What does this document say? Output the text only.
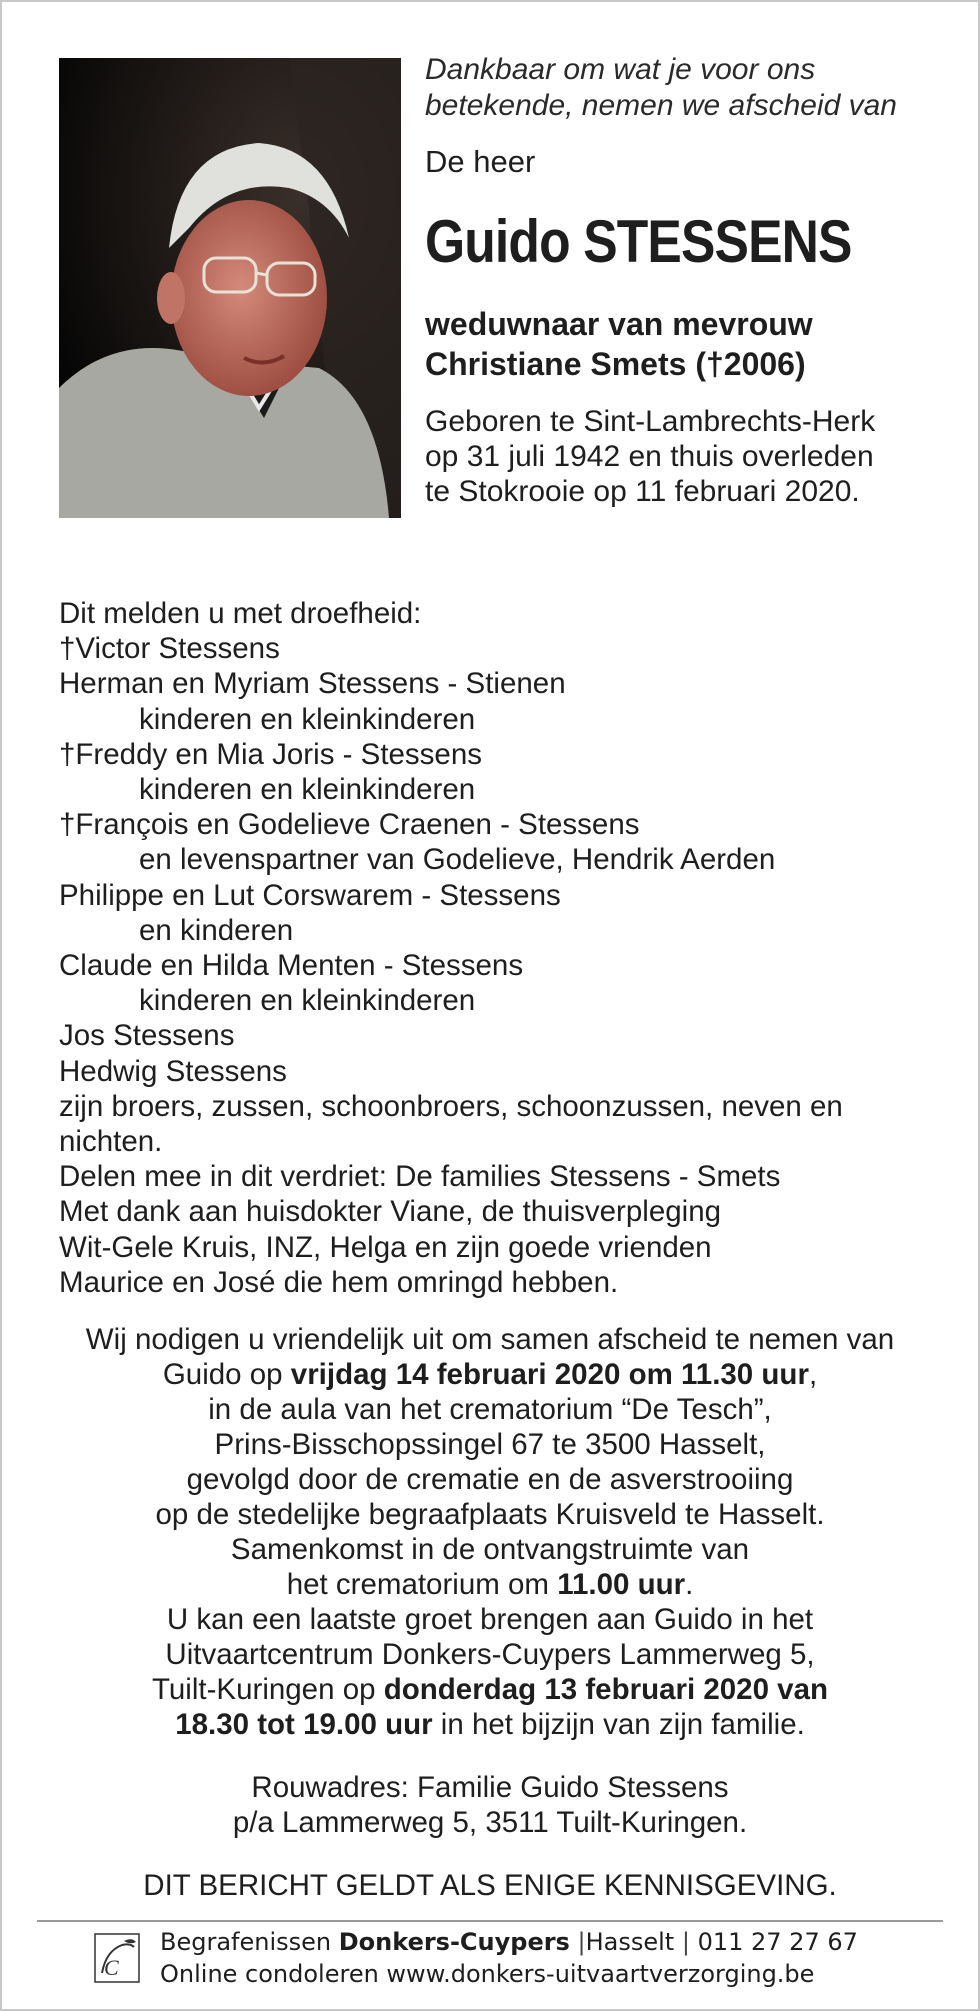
Dankbaar om wat je voor ons
betekende, nemen we afscheid van
De heer
Guido STESSENS
weduwnaar van mevrouw
Christiane Smets (†2006)
Geboren te Sint-Lambrechts-Herk
op 31 juli 1942 en thuis overleden
te Stokrooie op 11 februari 2020.
Dit melden u met droefheid:
†Victor Stessens
Herman en Myriam Stessens - Stienen
kinderen en kleinkinderen
†Freddy en Mia Joris - Stessens
kinderen en kleinkinderen
†François en Godelieve Craenen - Stessens
en levenspartner van Godelieve, Hendrik Aerden
Philippe en Lut Corswarem - Stessens
en kinderen
Claude en Hilda Menten - Stessens
kinderen en kleinkinderen
Jos Stessens
Hedwig Stessens
zijn broers, zussen, schoonbroers, schoonzussen, neven en
nichten.
Delen mee in dit verdriet: De families Stessens - Smets
Met dank aan huisdokter Viane, de thuisverpleging
Wit-Gele Kruis, INZ, Helga en zijn goede vrienden
Maurice en José die hem omringd hebben.
Wij nodigen u vriendelijk uit om samen afscheid te nemen van
Guido op vrijdag 14 februari 2020 om 11.30 uur,
in de aula van het crematorium “De Tesch”,
Prins-Bisschopssingel 67 te 3500 Hasselt,
gevolgd door de crematie en de asverstrooiing
op de stedelijke begraafplaats Kruisveld te Hasselt.
Samenkomst in de ontvangstruimte van
het crematorium om 11.00 uur.
U kan een laatste groet brengen aan Guido in het
Uitvaartcentrum Donkers-Cuypers Lammerweg 5,
Tuilt-Kuringen op donderdag 13 februari 2020 van
18.30 tot 19.00 uur in het bijzijn van zijn familie.
Rouwadres: Familie Guido Stessens
p/a Lammerweg 5, 3511 Tuilt-Kuringen.
DIT BERICHT GELDT ALS ENIGE KENNISGEVING.
C
Begrafenissen Donkers-Cuypers |Hasselt | 011 27 27 67
Online condoleren www.donkers-uitvaartverzorging.be
